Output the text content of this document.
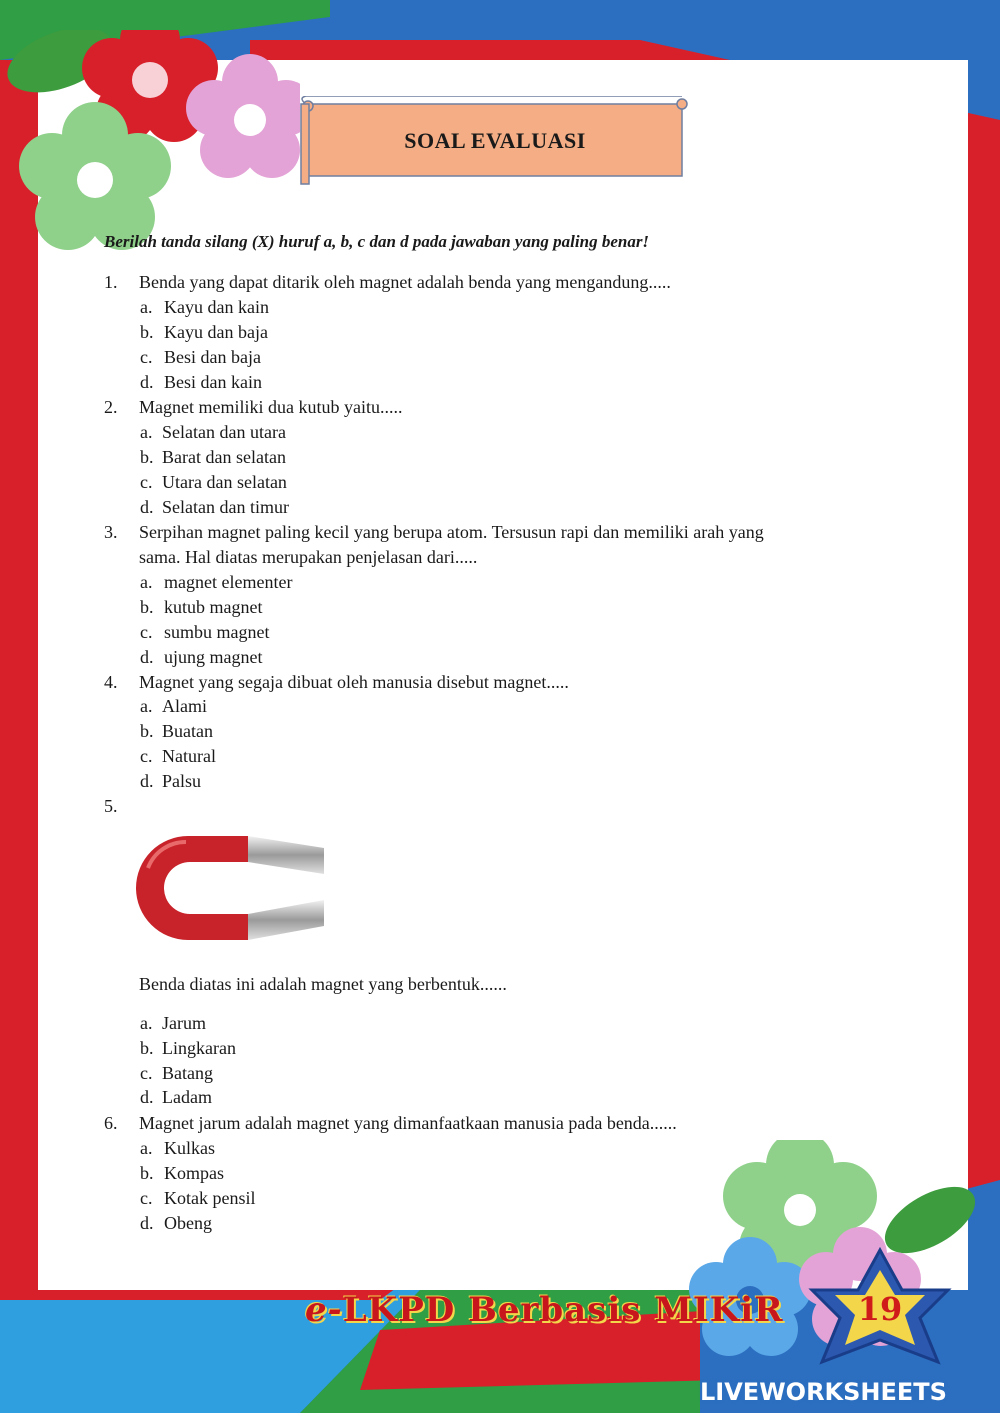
SOAL EVALUASI
Berilah tanda silang (X) huruf a, b, c dan d pada jawaban yang paling benar!
1.	Benda yang dapat ditarik oleh magnet adalah benda yang mengandung.....
a. Kayu dan kain
b. Kayu dan baja
c. Besi dan baja
d. Besi dan kain
2.	Magnet memiliki dua kutub yaitu.....
a. Selatan dan utara
b. Barat dan selatan
c. Utara dan selatan
d. Selatan dan timur
3.	Serpihan magnet paling kecil yang berupa atom. Tersusun rapi dan memiliki arah yang
sama. Hal diatas merupakan penjelasan dari.....
a. magnet elementer
b. kutub magnet
c. sumbu magnet
d. ujung magnet
4.	Magnet yang segaja dibuat oleh manusia disebut magnet.....
a. Alami
b. Buatan
c. Natural
d. Palsu
5.
Benda diatas ini adalah magnet yang berbentuk......
a. Jarum
b. Lingkaran
c. Batang
d. Ladam
6.	Magnet jarum adalah magnet yang dimanfaatkaan manusia pada benda......
a. Kulkas
b. Kompas
c. Kotak pensil
d. Obeng
e-LKPD Berbasis MIKiR 19
LIVEWORKSHEETS
